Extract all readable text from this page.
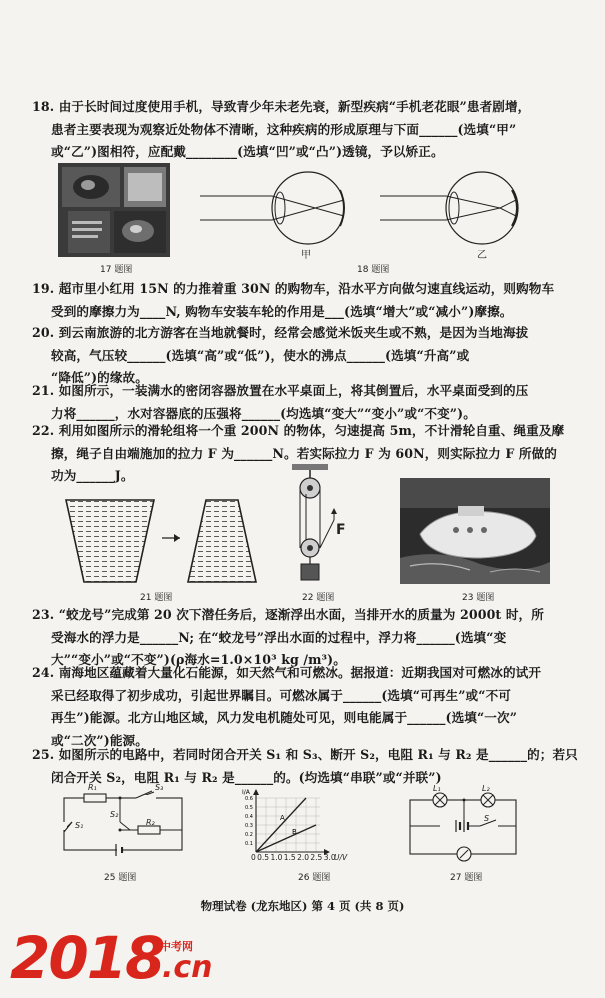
18. 由于长时间过度使用手机，导致青少年未老先衰，新型疾病“手机老花眼”患者剧增，
患者主要表现为观察近处物体不清晰，这种疾病的形成原理与下面______(选填“甲”
或“乙”)图相符，应配戴________(选填“凹”或“凸”)透镜，予以矫正。
17 题图
甲	乙
18 题图
19. 超市里小红用 15N 的力推着重 30N 的购物车，沿水平方向做匀速直线运动，则购物车
受到的摩擦力为____N, 购物车安装车轮的作用是___(选填“增大”或“减小”)摩擦。
20. 到云南旅游的北方游客在当地就餐时，经常会感觉米饭夹生或不熟，是因为当地海拔
较高，气压较______(选填“高”或“低”)，使水的沸点______(选填“升高”或
“降低”)的缘故。
21. 如图所示，一装满水的密闭容器放置在水平桌面上，将其倒置后，水平桌面受到的压
力将______，水对容器底的压强将______(均选填“变大”“变小”或“不变”)。
22. 利用如图所示的滑轮组将一个重 200N 的物体，匀速提高 5m，不计滑轮自重、绳重及摩
擦，绳子自由端施加的拉力 F 为______N。若实际拉力 F 为 60N，则实际拉力 F 所做的
功为______J。
21 题图
F
22 题图	23 题图
23. “蛟龙号”完成第 20 次下潜任务后，逐渐浮出水面，当排开水的质量为 2000t 时，所
受海水的浮力是______N; 在“蛟龙号”浮出水面的过程中，浮力将______(选填“变
大”“变小”或“不变”)(ρ海水=1.0×10³ kg /m³)。
24. 南海地区蕴藏着大量化石能源，如天然气和可燃冰。据报道：近期我国对可燃冰的试开
采已经取得了初步成功，引起世界瞩目。可燃冰属于______(选填“可再生”或“不可
再生”)能源。北方山地区域，风力发电机随处可见，则电能属于______(选填“一次”
或“二次”)能源。
25. 如图所示的电路中，若同时闭合开关 S₁ 和 S₃、断开 S₂，电阻 R₁ 与 R₂ 是______的；若只
闭合开关 S₂，电阻 R₁ 与 R₂ 是______的。(均选填“串联”或“并联”)
R₁	S₃
S₂
R₂
S₁
25 题图
I/A
0.6
0.5
0.4
0.3
0.2
0.1
A
B
0 0.5 1.0 1.5 2.0 2.5 3.0
U/V
26 题图
L₁	L₂
S
27 题图
物理试卷 (龙东地区) 第 4 页 (共 8 页)
2018
中考网
.cn
